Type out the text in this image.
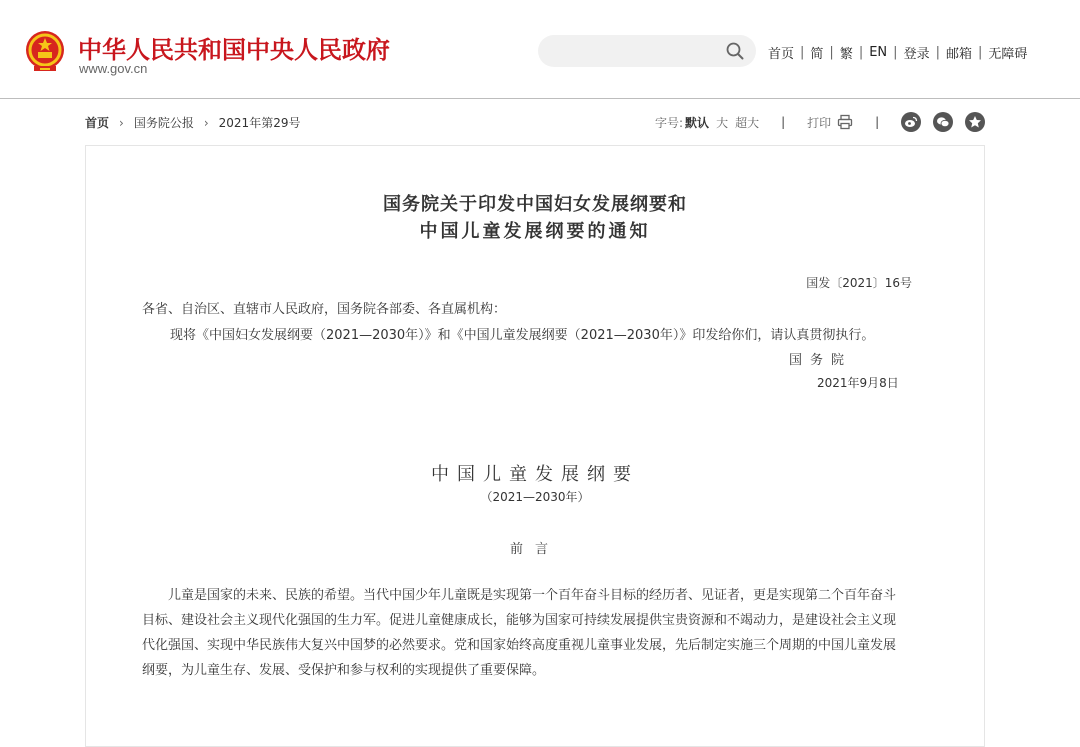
中华人民共和国中央人民政府
www.gov.cn
首页 | 简 | 繁 | EN | 登录 | 邮箱 | 无障碍
首页 › 国务院公报 › 2021年第29号	字号: 默认 大 超大 | 打印	|
国务院关于印发中国妇女发展纲要和
中国儿童发展纲要的通知
国发〔2021〕16号
各省、自治区、直辖市人民政府，国务院各部委、各直属机构：
现将《中国妇女发展纲要（2021—2030年）》和《中国儿童发展纲要（2021—2030年）》印发给你们，请认真贯彻执行。
国务院
2021年9月8日
中国儿童发展纲要
（2021—2030年）
前言
儿童是国家的未来、民族的希望。当代中国少年儿童既是实现第一个百年奋斗目标的经历者、见证者，更是实现第二个百年奋斗
目标、建设社会主义现代化强国的生力军。促进儿童健康成长，能够为国家可持续发展提供宝贵资源和不竭动力，是建设社会主义现
代化强国、实现中华民族伟大复兴中国梦的必然要求。党和国家始终高度重视儿童事业发展，先后制定实施三个周期的中国儿童发展
纲要，为儿童生存、发展、受保护和参与权利的实现提供了重要保障。
